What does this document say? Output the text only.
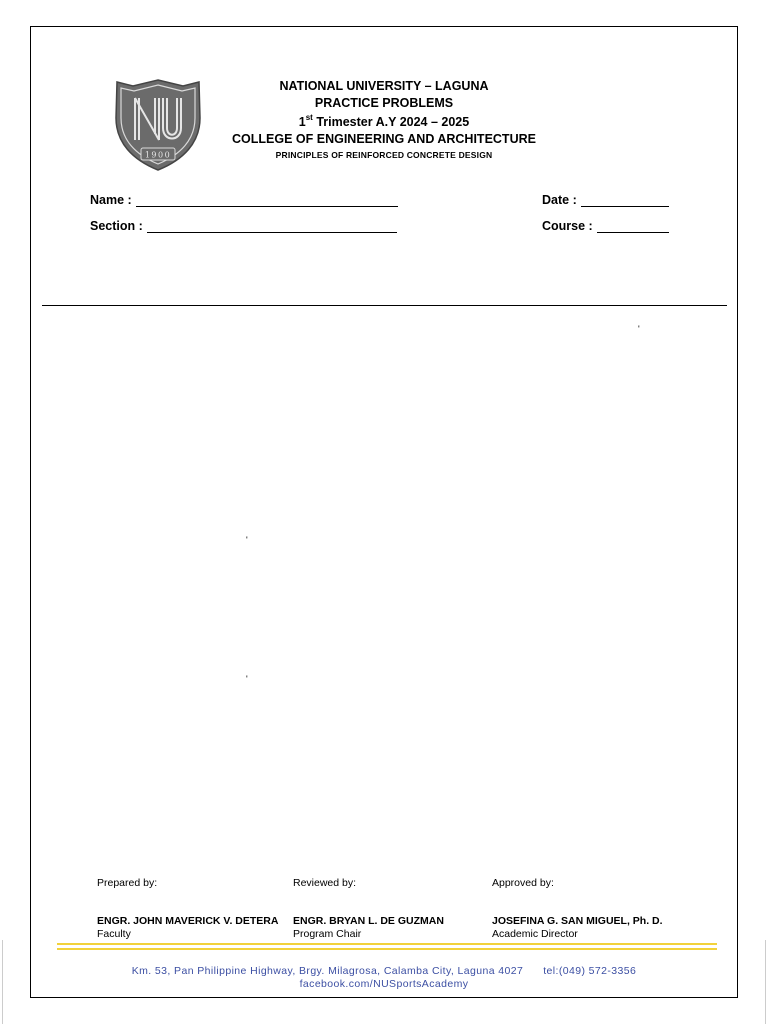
1900
NATIONAL UNIVERSITY – LAGUNA
PRACTICE PROBLEMS
1st Trimester A.Y 2024 – 2025
COLLEGE OF ENGINEERING AND ARCHITECTURE
PRINCIPLES OF REINFORCED CONCRETE DESIGN
Name :	Date :
Section :	Course :
'
'
'
Prepared by:
ENGR. JOHN MAVERICK V. DETERA
Faculty
Reviewed by:
ENGR. BRYAN L. DE GUZMAN
Program Chair
Approved by:
JOSEFINA G. SAN MIGUEL, Ph. D.
Academic Director
Km. 53, Pan Philippine Highway, Brgy. Milagrosa, Calamba City, Laguna 4027 tel:(049) 572-3356
facebook.com/NUSportsAcademy
